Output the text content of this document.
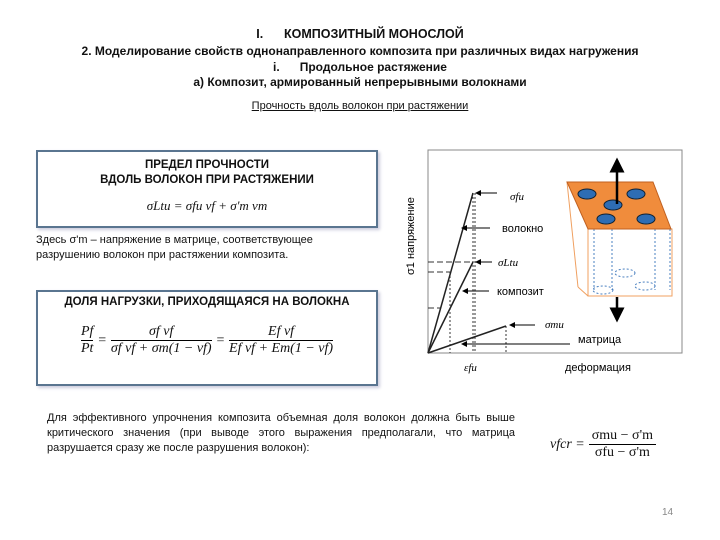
I. КОМПОЗИТНЫЙ МОНОСЛОЙ
2. Моделирование свойств однонаправленного композита при различных видах нагружения
i. Продольное растяжение
а) Композит, армированный непрерывными волокнами
Прочность вдоль волокон при растяжении
ПРЕДЕЛ ПРОЧНОСТИ
ВДОЛЬ ВОЛОКОН ПРИ РАСТЯЖЕНИИ
σLtu = σfu vf + σ'm vm
Здесь σ'm – напряжение в матрице, соответствующее разрушению волокон при растяжении композита.
ДОЛЯ НАГРУЗКИ, ПРИХОДЯЩАЯСЯ НА ВОЛОКНА
$\frac{Pf}{Pt} = \frac{\text{σf vf}}{\text{σf vf + σm(1 − vf)}} = \frac{\text{Ef vf}}{\text{Ef vf + Em(1 − vf)}}$
σ1 напряжение
σfu
волокно
σLtu
композит
σmu
матрица
εfu	деформация
Для эффективного упрочнения композита объемная доля волокон должна быть выше критического значения (при выводе этого выражения предполагали, что матрица разрушается сразу же после разрушения волокон):	vfcr =
σmu − σ'm
σfu − σ'm
14
